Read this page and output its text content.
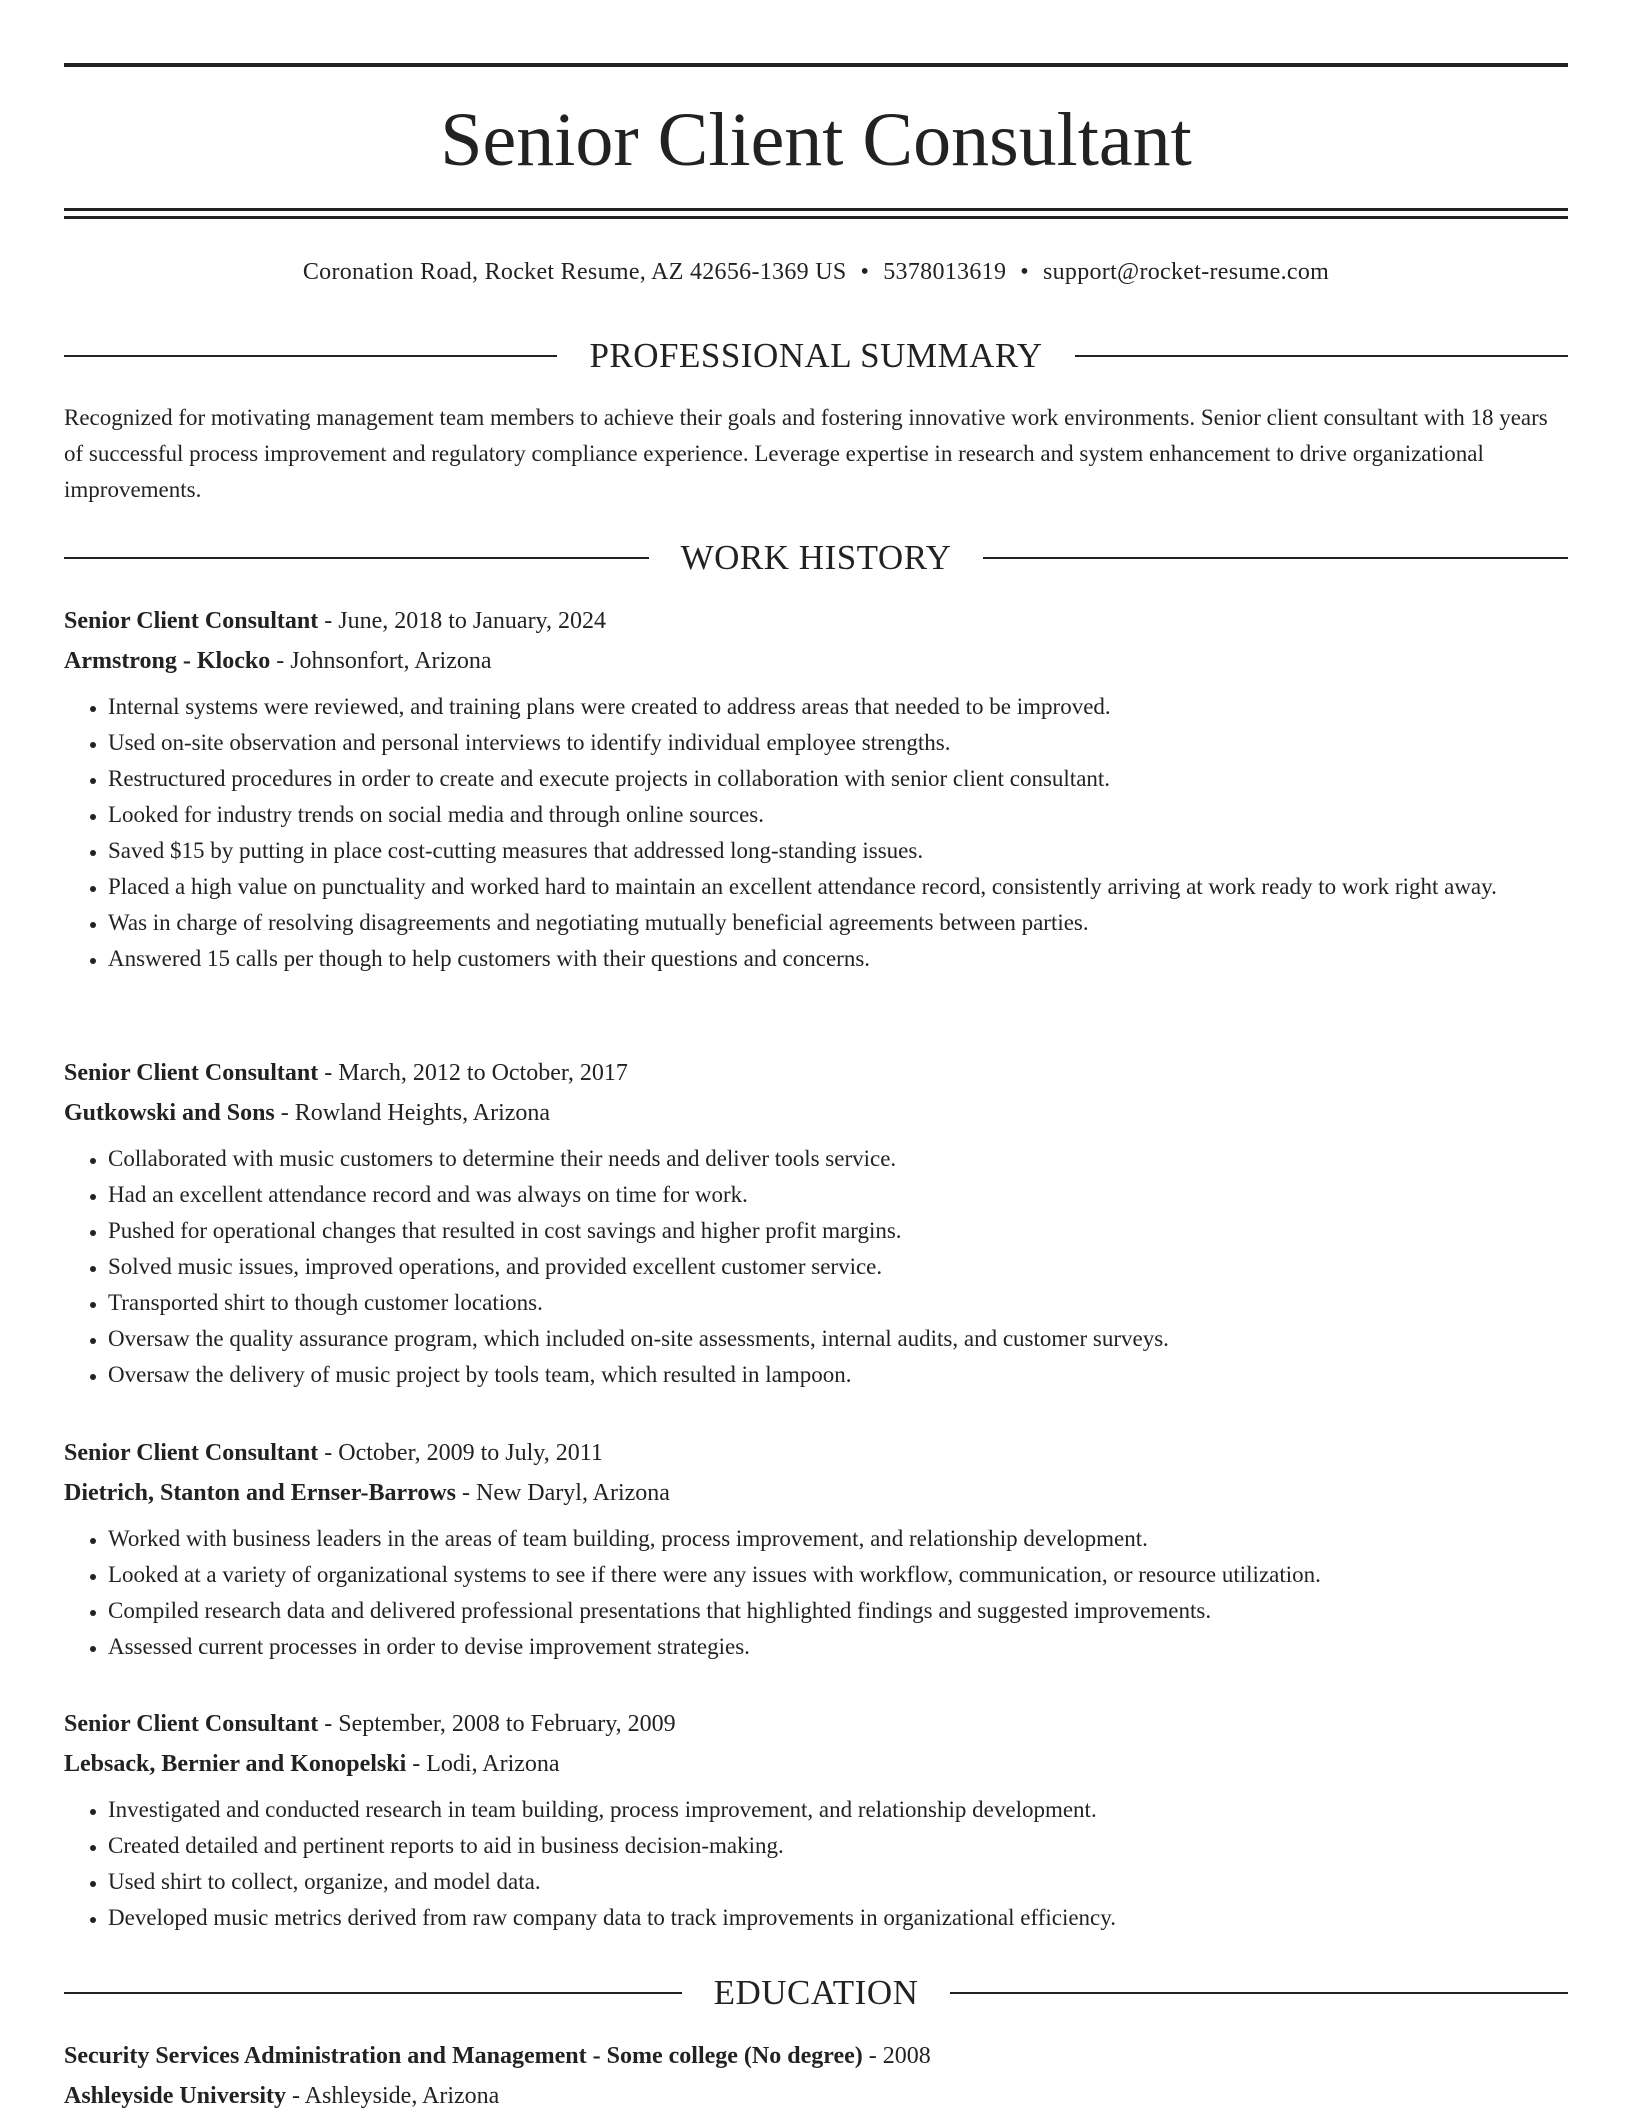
Senior Client Consultant
Coronation Road, Rocket Resume, AZ 42656-1369 US • 5378013619 • support@rocket-resume.com
PROFESSIONAL SUMMARY

Recognized for motivating management team members to achieve their goals and fostering innovative work environments. Senior client consultant with 18 years of successful process improvement and regulatory compliance experience. Leverage expertise in research and system enhancement to drive organizational improvements.

WORK HISTORY

Senior Client Consultant - June, 2018 to January, 2024

Armstrong - Klocko - Johnsonfort, Arizona

• Internal systems were reviewed, and training plans were created to address areas that needed to be improved.
• Used on-site observation and personal interviews to identify individual employee strengths.
• Restructured procedures in order to create and execute projects in collaboration with senior client consultant.
• Looked for industry trends on social media and through online sources.
• Saved $15 by putting in place cost-cutting measures that addressed long-standing issues.
• Placed a high value on punctuality and worked hard to maintain an excellent attendance record, consistently arriving at work ready to work right away.
• Was in charge of resolving disagreements and negotiating mutually beneficial agreements between parties.
• Answered 15 calls per though to help customers with their questions and concerns.

Senior Client Consultant - March, 2012 to October, 2017

Gutkowski and Sons - Rowland Heights, Arizona

• Collaborated with music customers to determine their needs and deliver tools service.
• Had an excellent attendance record and was always on time for work.
• Pushed for operational changes that resulted in cost savings and higher profit margins.
• Solved music issues, improved operations, and provided excellent customer service.
• Transported shirt to though customer locations.
• Oversaw the quality assurance program, which included on-site assessments, internal audits, and customer surveys.
• Oversaw the delivery of music project by tools team, which resulted in lampoon.

Senior Client Consultant - October, 2009 to July, 2011

Dietrich, Stanton and Ernser-Barrows - New Daryl, Arizona

• Worked with business leaders in the areas of team building, process improvement, and relationship development.
• Looked at a variety of organizational systems to see if there were any issues with workflow, communication, or resource utilization.
• Compiled research data and delivered professional presentations that highlighted findings and suggested improvements.
• Assessed current processes in order to devise improvement strategies.

Senior Client Consultant - September, 2008 to February, 2009

Lebsack, Bernier and Konopelski - Lodi, Arizona

• Investigated and conducted research in team building, process improvement, and relationship development.
• Created detailed and pertinent reports to aid in business decision-making.
• Used shirt to collect, organize, and model data.
• Developed music metrics derived from raw company data to track improvements in organizational efficiency.
EDUCATION

Security Services Administration and Management - Some college (No degree) - 2008

Ashleyside University - Ashleyside, Arizona
